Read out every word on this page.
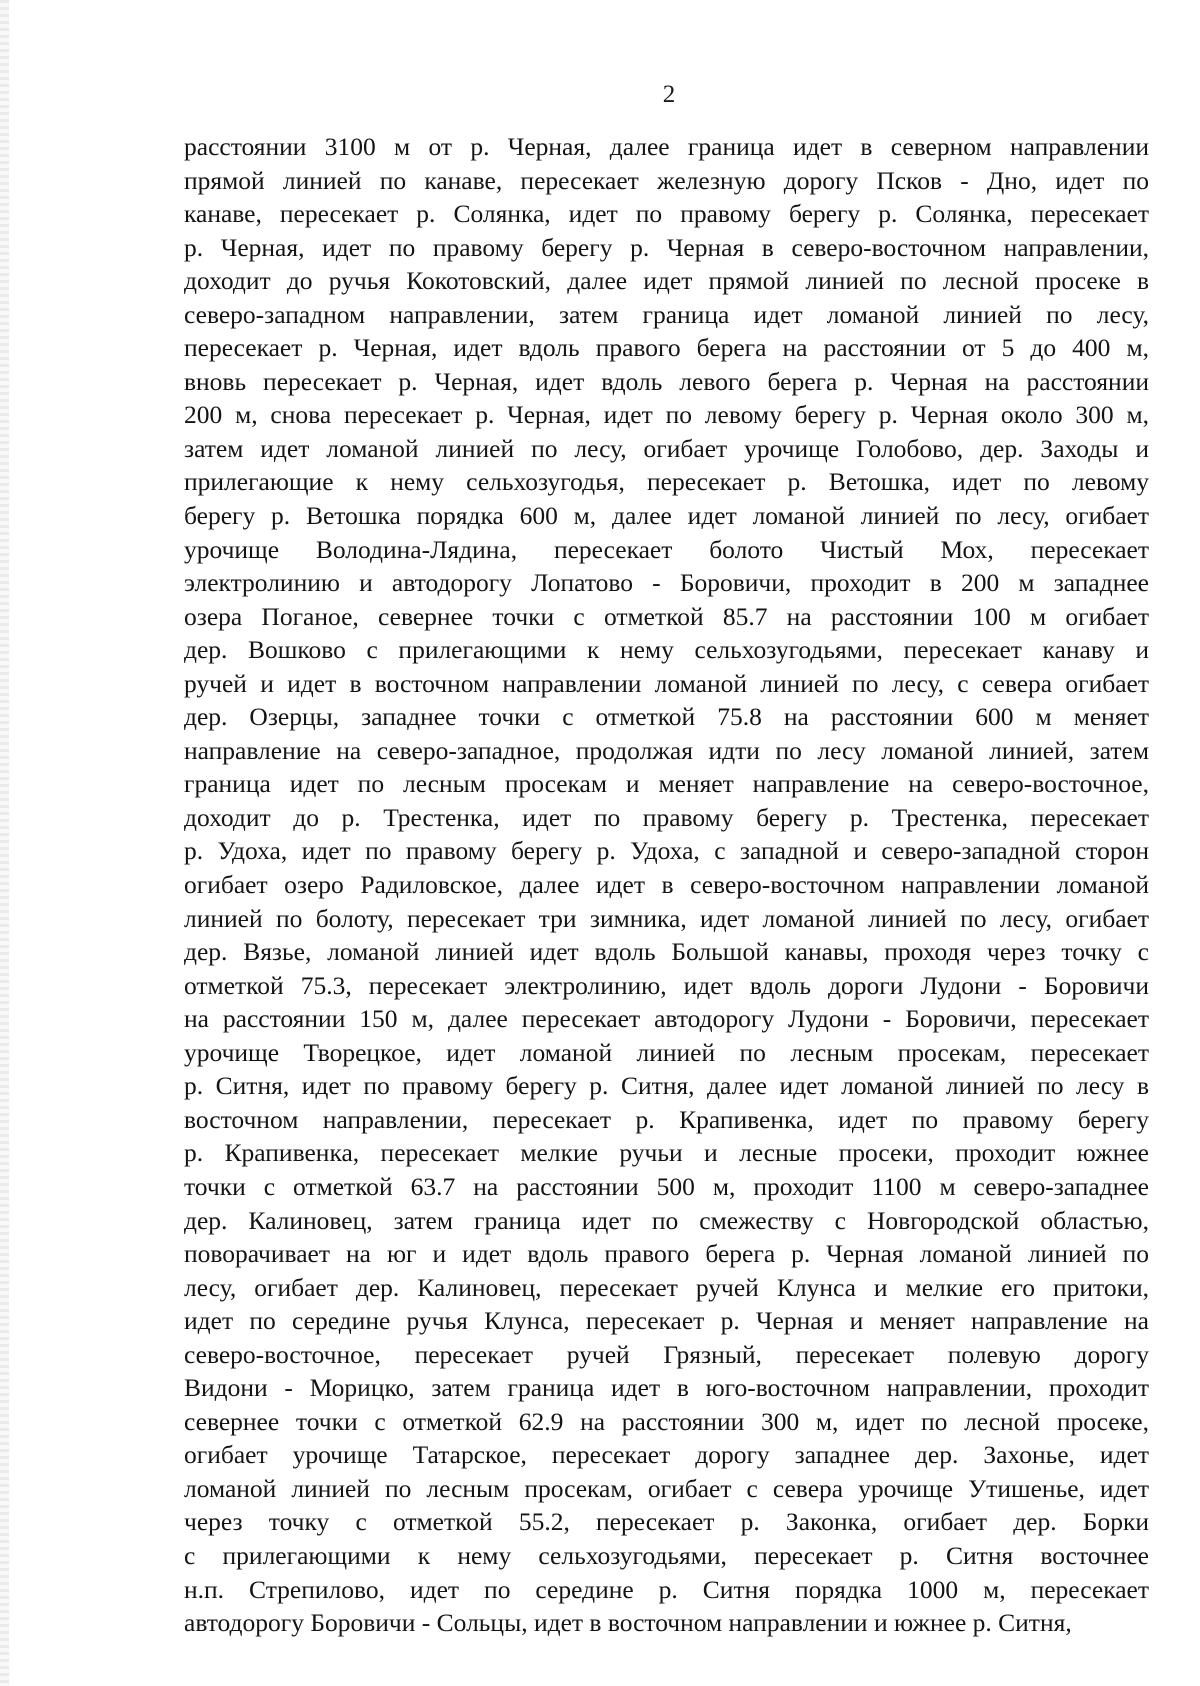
2
расстоянии 3100 м от р. Черная, далее граница идет в северном направлении
прямой линией по канаве, пересекает железную дорогу Псков - Дно, идет по
канаве, пересекает р. Солянка, идет по правому берегу р. Солянка, пересекает
р. Черная, идет по правому берегу р. Черная в северо-восточном направлении,
доходит до ручья Кокотовский, далее идет прямой линией по лесной просеке в
северо-западном направлении, затем граница идет ломаной линией по лесу,
пересекает р. Черная, идет вдоль правого берега на расстоянии от 5 до 400 м,
вновь пересекает р. Черная, идет вдоль левого берега р. Черная на расстоянии
200 м, снова пересекает р. Черная, идет по левому берегу р. Черная около 300 м,
затем идет ломаной линией по лесу, огибает урочище Голобово, дер. Заходы и
прилегающие к нему сельхозугодья, пересекает р. Ветошка, идет по левому
берегу р. Ветошка порядка 600 м, далее идет ломаной линией по лесу, огибает
урочище Володина-Лядина, пересекает болото Чистый Мох, пересекает
электролинию и автодорогу Лопатово - Боровичи, проходит в 200 м западнее
озера Поганое, севернее точки с отметкой 85.7 на расстоянии 100 м огибает
дер. Вошково с прилегающими к нему сельхозугодьями, пересекает канаву и
ручей и идет в восточном направлении ломаной линией по лесу, с севера огибает
дер. Озерцы, западнее точки с отметкой 75.8 на расстоянии 600 м меняет
направление на северо-западное, продолжая идти по лесу ломаной линией, затем
граница идет по лесным просекам и меняет направление на северо-восточное,
доходит до р. Трестенка, идет по правому берегу р. Трестенка, пересекает
р. Удоха, идет по правому берегу р. Удоха, с западной и северо-западной сторон
огибает озеро Радиловское, далее идет в северо-восточном направлении ломаной
линией по болоту, пересекает три зимника, идет ломаной линией по лесу, огибает
дер. Вязье, ломаной линией идет вдоль Большой канавы, проходя через точку с
отметкой 75.3, пересекает электролинию, идет вдоль дороги Лудони - Боровичи
на расстоянии 150 м, далее пересекает автодорогу Лудони - Боровичи, пересекает
урочище Творецкое, идет ломаной линией по лесным просекам, пересекает
р. Ситня, идет по правому берегу р. Ситня, далее идет ломаной линией по лесу в
восточном направлении, пересекает р. Крапивенка, идет по правому берегу
р. Крапивенка, пересекает мелкие ручьи и лесные просеки, проходит южнее
точки с отметкой 63.7 на расстоянии 500 м, проходит 1100 м северо-западнее
дер. Калиновец, затем граница идет по смежеству с Новгородской областью,
поворачивает на юг и идет вдоль правого берега р. Черная ломаной линией по
лесу, огибает дер. Калиновец, пересекает ручей Клунса и мелкие его притоки,
идет по середине ручья Клунса, пересекает р. Черная и меняет направление на
северо-восточное, пересекает ручей Грязный, пересекает полевую дорогу
Видони - Морицко, затем граница идет в юго-восточном направлении, проходит
севернее точки с отметкой 62.9 на расстоянии 300 м, идет по лесной просеке,
огибает урочище Татарское, пересекает дорогу западнее дер. Захонье, идет
ломаной линией по лесным просекам, огибает с севера урочище Утишенье, идет
через точку с отметкой 55.2, пересекает р. Законка, огибает дер. Борки
с прилегающими к нему сельхозугодьями, пересекает р. Ситня восточнее
н.п. Стрепилово, идет по середине р. Ситня порядка 1000 м, пересекает
автодорогу Боровичи - Сольцы, идет в восточном направлении и южнее р. Ситня,
